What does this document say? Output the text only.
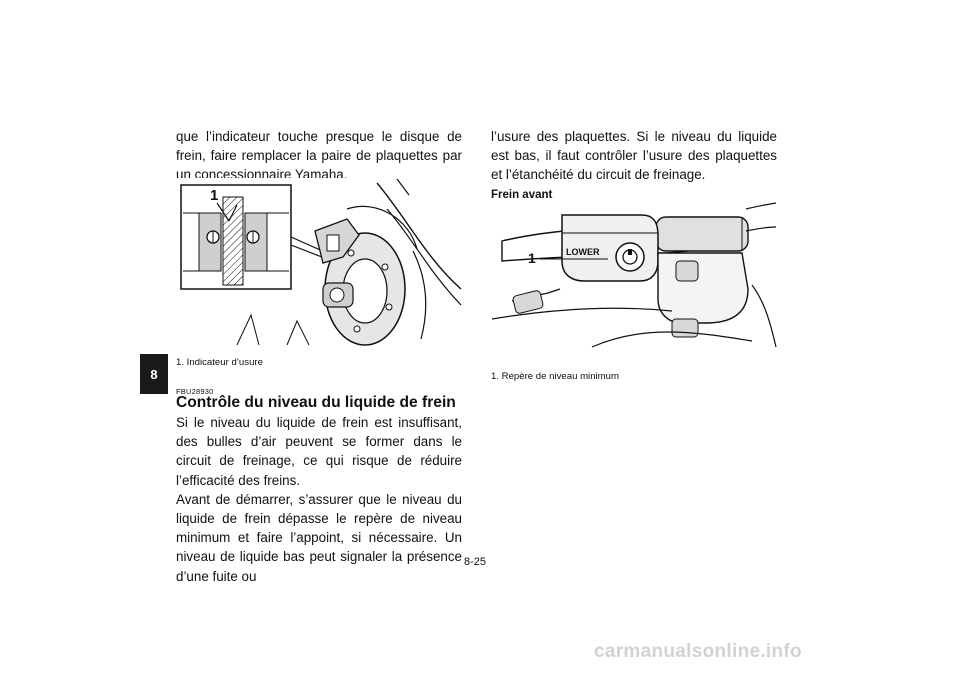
8

que l’indicateur touche presque le disque de frein, faire remplacer la paire de plaquettes par un concessionnaire Yamaha.

1
1. Indicateur d’usure
FBU28930
Contrôle du niveau du liquide de frein

Si le niveau du liquide de frein est insuffisant, des bulles d’air peuvent se former dans le circuit de freinage, ce qui risque de réduire l’efficacité des freins.

Avant de démarrer, s’assurer que le niveau du liquide de frein dépasse le repère de niveau minimum et faire l’appoint, si nécessaire. Un niveau de liquide bas peut signaler la présence d’une fuite ou

l’usure des plaquettes. Si le niveau du liquide est bas, il faut contrôler l’usure des plaquettes et l’étanchéité du circuit de freinage.

Frein avant
LOWER
1
1. Repère de niveau minimum
8-25
carmanualsonline.info
